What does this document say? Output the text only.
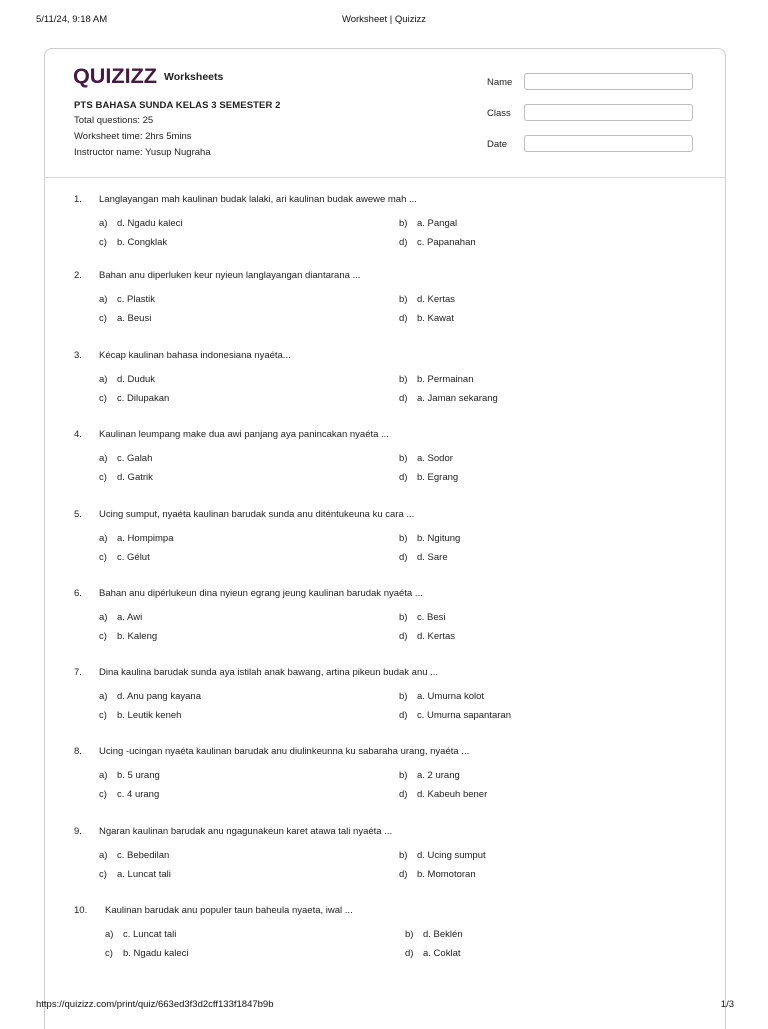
5/11/24, 9:18 AM	Worksheet | Quizizz
QUIZIZZ Worksheets
PTS BAHASA SUNDA KELAS 3 SEMESTER 2
Total questions: 25
Worksheet time: 2hrs 5mins
Instructor name: Yusup Nugraha
Name
Class
Date
1. Langlayangan mah kaulinan budak lalaki, ari kaulinan budak awewe mah ...
a) d. Ngadu kaleci	b) a. Pangal
c) b. Congklak	d) c. Papanahan
2. Bahan anu diperluken keur nyieun langlayangan diantarana ...
a) c. Plastik	b) d. Kertas
c) a. Beusi	d) b. Kawat
3. Kécap kaulinan bahasa indonesiana nyaéta...
a) d. Duduk	b) b. Permainan
c) c. Dilupakan	d) a. Jaman sekarang
4. Kaulinan leumpang make dua awi panjang aya panincakan nyaéta ...
a) c. Galah	b) a. Sodor
c) d. Gatrik	d) b. Egrang
5. Ucing sumput, nyaéta kaulinan barudak sunda anu diténtukeuna ku cara ...
a) a. Hompimpa	b) b. Ngitung
c) c. Gélut	d) d. Sare
6. Bahan anu dipérlukeun dina nyieun egrang jeung kaulinan barudak nyaéta ...
a) a. Awi	b) c. Besi
c) b. Kaleng	d) d. Kertas
7. Dina kaulina barudak sunda aya istilah anak bawang, artina pikeun budak anu ...
a) d. Anu pang kayana	b) a. Umurna kolot
c) b. Leutik keneh	d) c. Umurna sapantaran
8. Ucing -ucingan nyaéta kaulinan barudak anu diulinkeunna ku sabaraha urang, nyaéta ...
a) b. 5 urang	b) a. 2 urang
c) c. 4 urang	d) d. Kabeuh bener
9. Ngaran kaulinan barudak anu ngagunakeun karet atawa tali nyaéta ...
a) c. Bebedilan	b) d. Ucing sumput
c) a. Luncat tali	d) b. Momotoran
10. Kaulinan barudak anu populer taun baheula nyaeta, iwal ...
a) c. Luncat tali	b) d. Beklén
c) b. Ngadu kaleci	d) a. Coklat
https://quizizz.com/print/quiz/663ed3f3d2cff133f1847b9b	1/3
